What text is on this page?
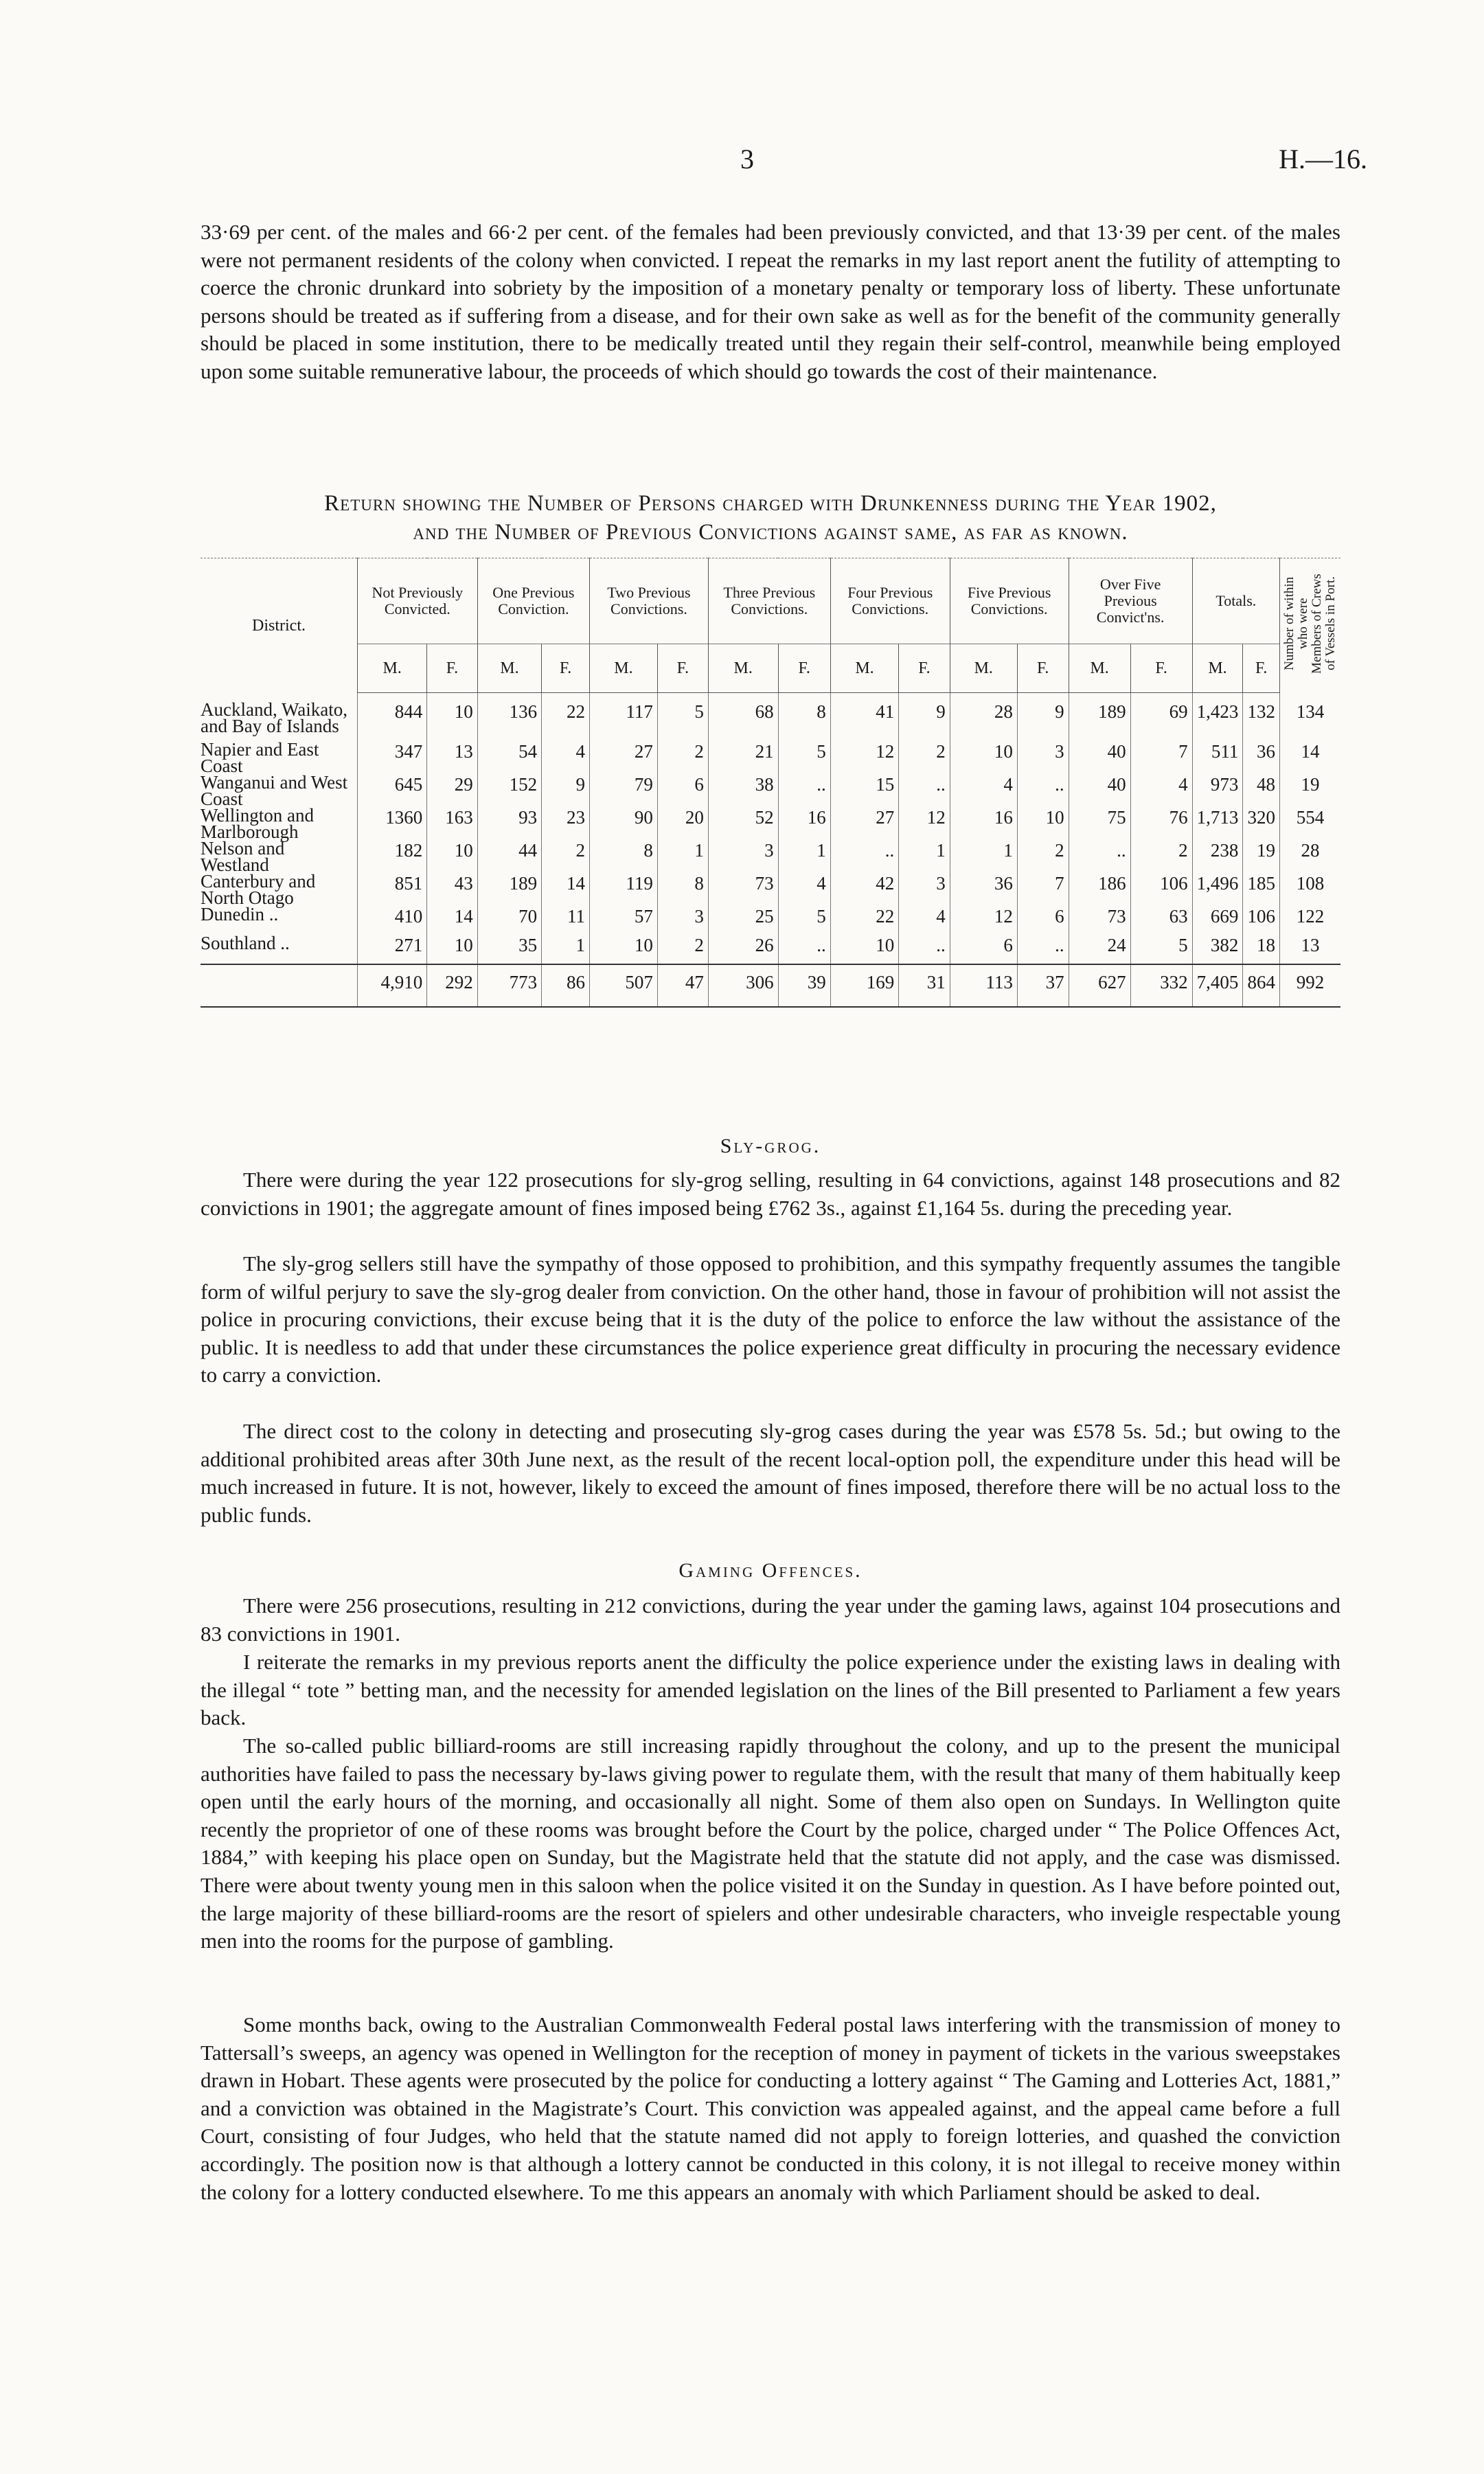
3	H.—16.

33·69 per cent. of the males and 66·2 per cent. of the females had been previously convicted, and that 13·39 per cent. of the males were not permanent residents of the colony when convicted. I repeat the remarks in my last report anent the futility of attempting to coerce the chronic drunkard into sobriety by the imposition of a monetary penalty or temporary loss of liberty. These unfortunate persons should be treated as if suffering from a disease, and for their own sake as well as for the benefit of the community generally should be placed in some institution, there to be medically treated until they regain their self-control, meanwhile being employed upon some suitable remunerative labour, the proceeds of which should go towards the cost of their maintenance.

Return showing the Number of Persons charged with Drunkenness during the Year 1902,
and the Number of Previous Convictions against same, as far as known.
District.	Not Previously Convicted.		One Previous Conviction.		Two Previous Convictions.		Three Previous Convictions.		Four Previous Convictions.		Five Previous Convictions.		Over Five Previous Convict'ns.		Totals.		Number of within who were Members of Crews of Vessels in Port.
	M.	F.	M.	F.	M.	F.	M.	F.	M.	F.	M.	F.	M.	F.	M.	F.	
Auckland, Waikato, and Bay of Islands	844	10	136	22	117	5	68	8	41	9	28	9	189	69	1,423	132	134
Napier and East Coast	347	13	54	4	27	2	21	5	12	2	10	3	40	7	511	36	14
Wanganui and West Coast	645	29	152	9	79	6	38	..	15	..	4	..	40	4	973	48	19
Wellington and Marlborough	1360	163	93	23	90	20	52	16	27	12	16	10	75	76	1,713	320	554
Nelson and Westland	182	10	44	2	8	1	3	1	..	1	1	2	..	2	238	19	28
Canterbury and North Otago	851	43	189	14	119	8	73	4	42	3	36	7	186	106	1,496	185	108
Dunedin ..	410	14	70	11	57	3	25	5	22	4	12	6	73	63	669	106	122
Southland ..	271	10	35	1	10	2	26	..	10	..	6	..	24	5	382	18	13
	4,910	292	773	86	507	47	306	39	169	31	113	37	627	332	7,405	864	992
Sly-grog.

There were during the year 122 prosecutions for sly-grog selling, resulting in 64 convictions, against 148 prosecutions and 82 convictions in 1901; the aggregate amount of fines imposed being £762 3s., against £1,164 5s. during the preceding year.

The sly-grog sellers still have the sympathy of those opposed to prohibition, and this sympathy frequently assumes the tangible form of wilful perjury to save the sly-grog dealer from conviction. On the other hand, those in favour of prohibition will not assist the police in procuring convictions, their excuse being that it is the duty of the police to enforce the law without the assistance of the public. It is needless to add that under these circumstances the police experience great difficulty in procuring the necessary evidence to carry a conviction.

The direct cost to the colony in detecting and prosecuting sly-grog cases during the year was £578 5s. 5d.; but owing to the additional prohibited areas after 30th June next, as the result of the recent local-option poll, the expenditure under this head will be much increased in future. It is not, however, likely to exceed the amount of fines imposed, therefore there will be no actual loss to the public funds.

Gaming Offences.

There were 256 prosecutions, resulting in 212 convictions, during the year under the gaming laws, against 104 prosecutions and 83 convictions in 1901.

I reiterate the remarks in my previous reports anent the difficulty the police experience under the existing laws in dealing with the illegal “ tote ” betting man, and the necessity for amended legislation on the lines of the Bill presented to Parliament a few years back.

The so-called public billiard-rooms are still increasing rapidly throughout the colony, and up to the present the municipal authorities have failed to pass the necessary by-laws giving power to regulate them, with the result that many of them habitually keep open until the early hours of the morning, and occasionally all night. Some of them also open on Sundays. In Wellington quite recently the proprietor of one of these rooms was brought before the Court by the police, charged under “ The Police Offences Act, 1884,” with keeping his place open on Sunday, but the Magistrate held that the statute did not apply, and the case was dismissed. There were about twenty young men in this saloon when the police visited it on the Sunday in question. As I have before pointed out, the large majority of these billiard-rooms are the resort of spielers and other undesirable characters, who inveigle respectable young men into the rooms for the purpose of gambling.

Some months back, owing to the Australian Commonwealth Federal postal laws interfering with the transmission of money to Tattersall’s sweeps, an agency was opened in Wellington for the reception of money in payment of tickets in the various sweepstakes drawn in Hobart. These agents were prosecuted by the police for conducting a lottery against “ The Gaming and Lotteries Act, 1881,” and a conviction was obtained in the Magistrate’s Court. This conviction was appealed against, and the appeal came before a full Court, consisting of four Judges, who held that the statute named did not apply to foreign lotteries, and quashed the conviction accordingly. The position now is that although a lottery cannot be conducted in this colony, it is not illegal to receive money within the colony for a lottery conducted elsewhere. To me this appears an anomaly with which Parliament should be asked to deal.
